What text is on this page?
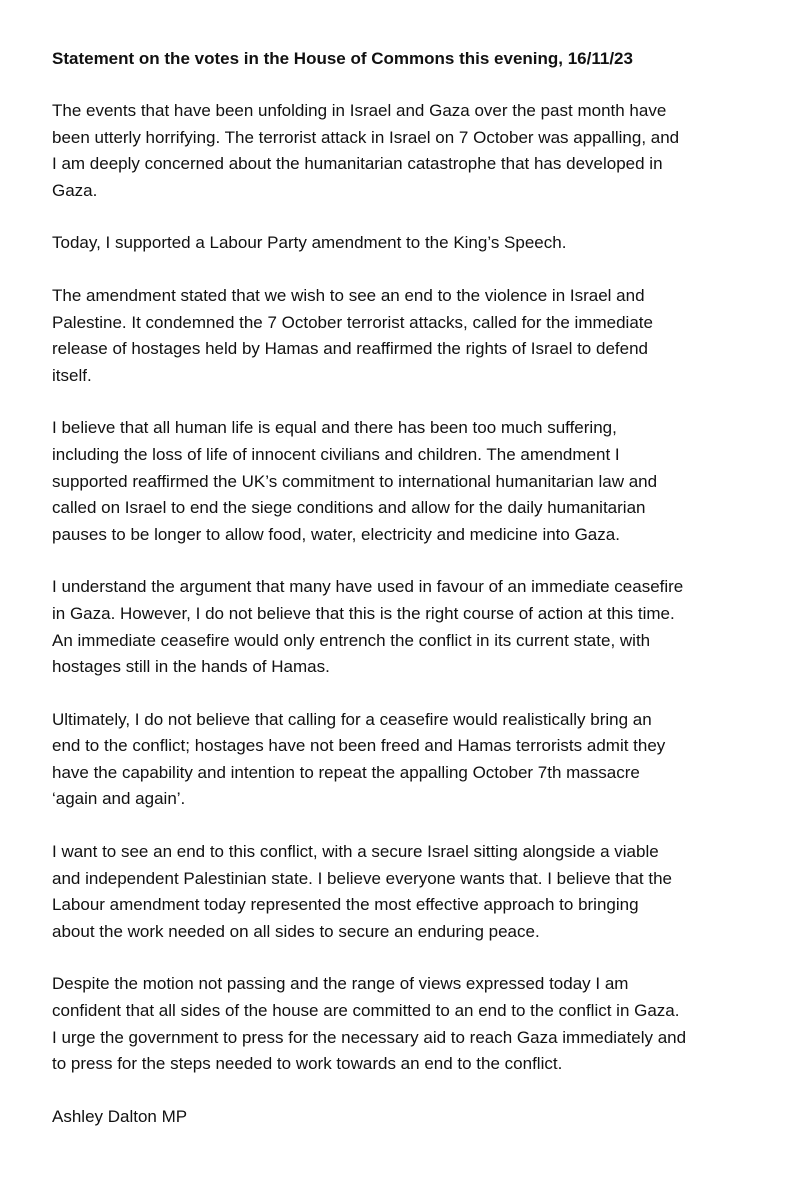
Statement on the votes in the House of Commons this evening, 16/11/23
The events that have been unfolding in Israel and Gaza over the past month have
been utterly horrifying. The terrorist attack in Israel on 7 October was appalling, and
I am deeply concerned about the humanitarian catastrophe that has developed in
Gaza.
Today, I supported a Labour Party amendment to the King’s Speech.
The amendment stated that we wish to see an end to the violence in Israel and
Palestine. It condemned the 7 October terrorist attacks, called for the immediate
release of hostages held by Hamas and reaffirmed the rights of Israel to defend
itself.
I believe that all human life is equal and there has been too much suffering,
including the loss of life of innocent civilians and children. The amendment I
supported reaffirmed the UK’s commitment to international humanitarian law and
called on Israel to end the siege conditions and allow for the daily humanitarian
pauses to be longer to allow food, water, electricity and medicine into Gaza.
I understand the argument that many have used in favour of an immediate ceasefire
in Gaza. However, I do not believe that this is the right course of action at this time.
An immediate ceasefire would only entrench the conflict in its current state, with
hostages still in the hands of Hamas.
Ultimately, I do not believe that calling for a ceasefire would realistically bring an
end to the conflict; hostages have not been freed and Hamas terrorists admit they
have the capability and intention to repeat the appalling October 7th massacre
‘again and again’.
I want to see an end to this conflict, with a secure Israel sitting alongside a viable
and independent Palestinian state. I believe everyone wants that. I believe that the
Labour amendment today represented the most effective approach to bringing
about the work needed on all sides to secure an enduring peace.
Despite the motion not passing and the range of views expressed today I am
confident that all sides of the house are committed to an end to the conflict in Gaza.
I urge the government to press for the necessary aid to reach Gaza immediately and
to press for the steps needed to work towards an end to the conflict.
Ashley Dalton MP
